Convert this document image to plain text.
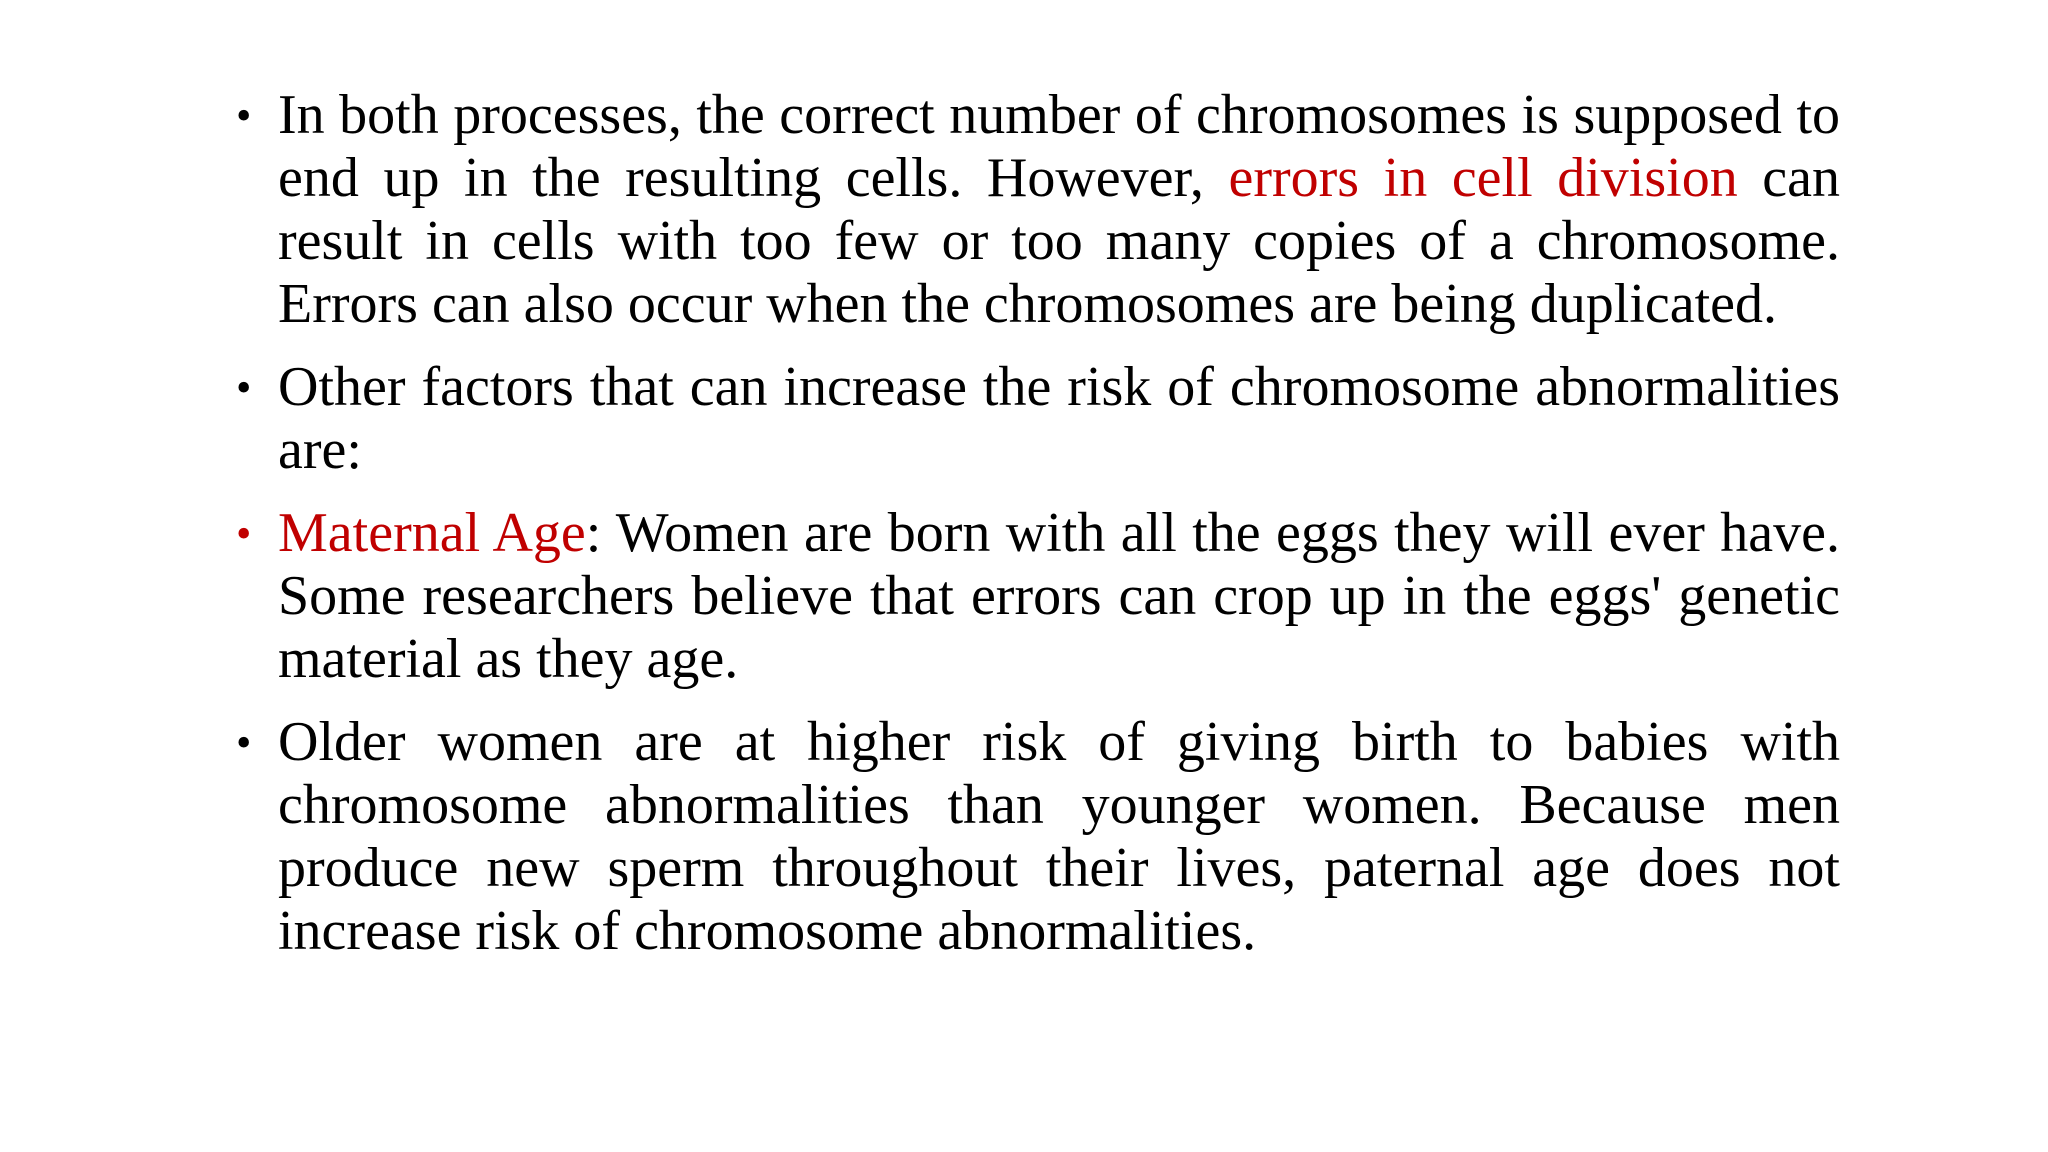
• In both processes, the correct number of chromosomes is supposed to end up in the resulting cells. However, errors in cell division can result in cells with too few or too many copies of a chromosome. Errors can also occur when the chromosomes are being duplicated.
• Other factors that can increase the risk of chromosome abnormalities are:
• Maternal Age: Women are born with all the eggs they will ever have. Some researchers believe that errors can crop up in the eggs' genetic material as they age.
• Older women are at higher risk of giving birth to babies with chromosome abnormalities than younger women. Because men produce new sperm throughout their lives, paternal age does not increase risk of chromosome abnormalities.
